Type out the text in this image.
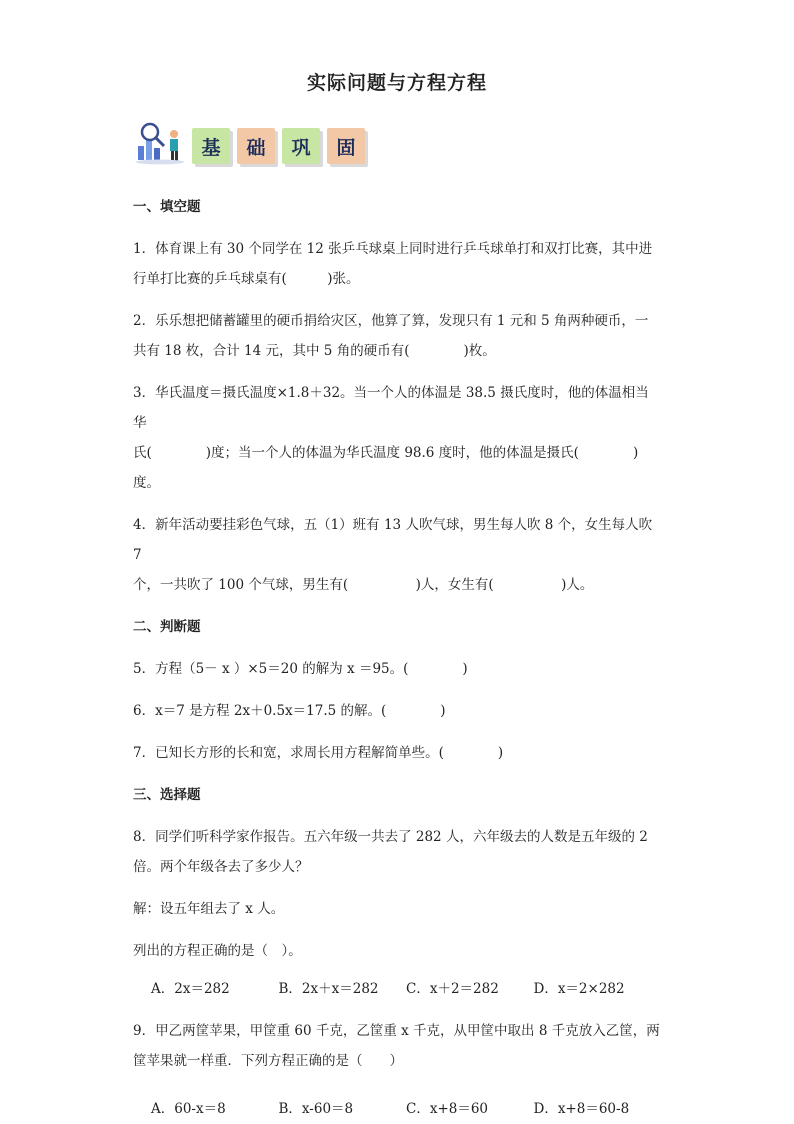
实际问题与方程方程
基	础	巩	固

一、填空题

1．体育课上有 30 个同学在 12 张乒乓球桌上同时进行乒乓球单打和双打比赛，其中进

行单打比赛的乒乓球桌有(　　　)张。

2．乐乐想把储蓄罐里的硬币捐给灾区，他算了算，发现只有 1 元和 5 角两种硬币，一

共有 18 枚，合计 14 元，其中 5 角的硬币有(　　　　)枚。

3．华氏温度＝摄氏温度×1.8＋32。当一个人的体温是 38.5 摄氏度时，他的体温相当华

氏(　　　　)度；当一个人的体温为华氏温度 98.6 度时，他的体温是摄氏(　　　　)度。

4．新年活动要挂彩色气球，五（1）班有 13 人吹气球，男生每人吹 8 个，女生每人吹 7

个，一共吹了 100 个气球，男生有(　　　　　)人，女生有(　　　　　)人。

二、判断题

5．方程（5－ x ）×5＝20 的解为 x ＝95。(　　　　)

6．x＝7 是方程 2x＋0.5x＝17.5 的解。(　　　　)

7．已知长方形的长和宽，求周长用方程解简单些。(　　　　)

三、选择题

8．同学们听科学家作报告。五六年级一共去了 282 人，六年级去的人数是五年级的 2

倍。两个年级各去了多少人？

解：设五年组去了 x 人。

列出的方程正确的是（　）。

A．2x＝282	B．2x＋x＝282	C．x＋2＝282	D．x＝2×282

9．甲乙两筐苹果，甲筐重 60 千克，乙筐重 x 千克，从甲筐中取出 8 千克放入乙筐，两

筐苹果就一样重．下列方程正确的是（　　）

A．60-x＝8	B．x-60＝8	C．x+8＝60	D．x+8＝60-8
